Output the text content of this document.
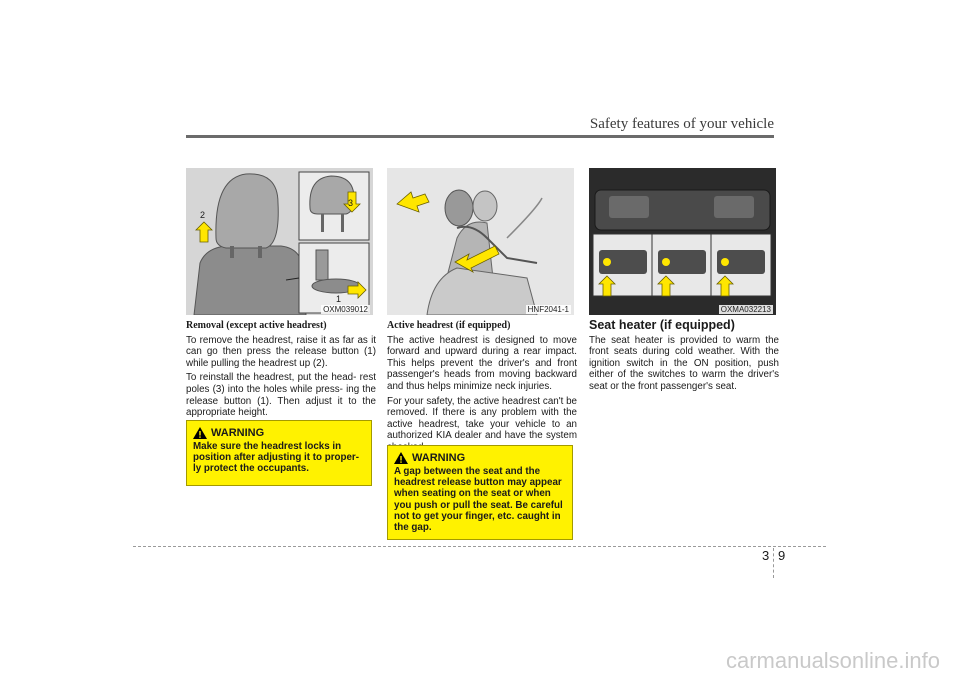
Safety features of your vehicle
2
3
1
OXM039012	HNF2041-1	OXMA032213

Removal (except active headrest)

To remove the headrest, raise it as far as it can go then press the release button (1) while pulling the headrest up (2).

To reinstall the headrest, put the head- rest poles (3) into the holes while press- ing the release button (1). Then adjust it to the appropriate height.

WARNING
Make sure the headrest locks in position after adjusting it to proper- ly protect the occupants.

Active headrest (if equipped)

The active headrest is designed to move forward and upward during a rear impact. This helps prevent the driver's and front passenger's heads from moving backward and thus helps minimize neck injuries.

For your safety, the active headrest can't be removed. If there is any problem with the active headrest, take your vehicle to an authorized KIA dealer and have the system

WARNING
A gap between the seat and the headrest release button may appear when seating on the seat or when you push or pull the seat. Be careful not to get your finger, etc. caught in the gap.

Seat heater (if equipped)

The seat heater is provided to warm the front seats during cold weather. With the ignition switch in the ON position, push either of the switches to warm the driver's seat or the front passenger's seat.

3 9
carmanualsonline.info
